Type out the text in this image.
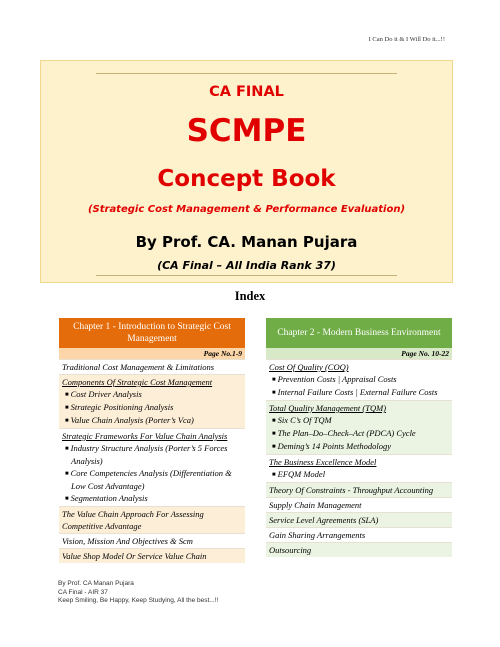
I Can Do it & I Will Do it...!!
CA FINAL
SCMPE
Concept Book
(Strategic Cost Management & Performance Evaluation)
By Prof. CA. Manan Pujara
(CA Final – All India Rank 37)
Index
Chapter 1 - Introduction to Strategic Cost Management
Page No.1-9
Traditional Cost Management & Limitations
Components Of Strategic Cost Management
■ Cost Driver Analysis
■ Strategic Positioning Analysis
■ Value Chain Analysis (Porter’s Vca)
Strategic Frameworks For Value Chain Analysis
■ Industry Structure Analysis (Porter’s 5 Forces Analysis)
■ Core Competencies Analysis (Differentiation & Low Cost Advantage)
■ Segmentation Analysis
The Value Chain Approach For Assessing Competitive Advantage
Vision, Mission And Objectives & Scm
Value Shop Model Or Service Value Chain
Chapter 2 - Modern Business Environment
Page No. 10-22
Cost Of Quality (COQ)
■ Prevention Costs | Appraisal Costs
■ Internal Failure Costs | External Failure Costs
Total Quality Management (TQM)
■ Six C’s Of TQM
■ The Plan–Do–Check–Act (PDCA) Cycle
■ Deming’s 14 Points Methodology
The Business Excellence Model
■ EFQM Model
Theory Of Constraints - Throughput Accounting
Supply Chain Management
Service Level Agreements (SLA)
Gain Sharing Arrangements
Outsourcing
By Prof. CA Manan Pujara
CA Final - AIR 37
Keep Smiling, Be Happy, Keep Studying, All the best...!!
